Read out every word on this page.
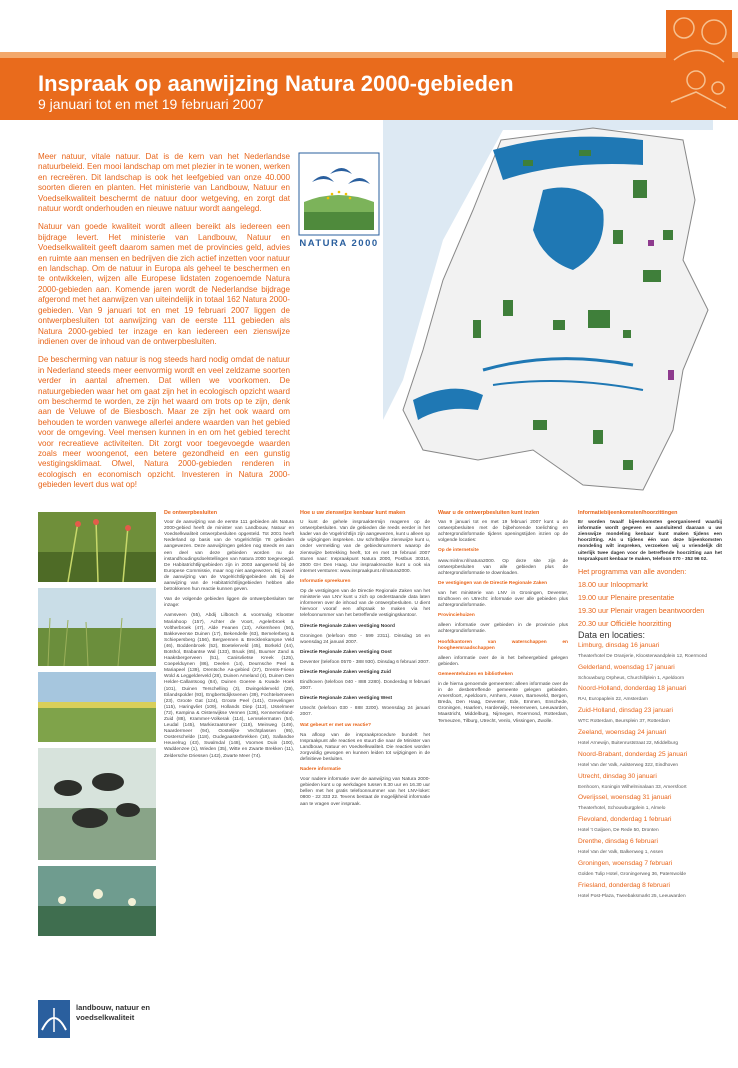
Inspraak op aanwijzing Natura 2000-gebieden
9 januari tot en met 19 februari 2007

Meer natuur, vitale natuur. Dat is de kern van het Nederlandse natuurbeleid. Een mooi landschap om met plezier in te wonen, werken en recreëren. Dit landschap is ook het leefgebied van onze 40.000 soorten dieren en planten. Het ministerie van Landbouw, Natuur en Voedselkwaliteit beschermt de natuur door wetgeving, en zorgt dat natuur wordt onderhouden en nieuwe natuur wordt aangelegd.

Natuur van goede kwaliteit wordt alleen bereikt als iedereen een bijdrage levert. Het ministerie van Landbouw, Natuur en Voedselkwaliteit geeft daarom samen met de provincies geld, advies en ruimte aan mensen en bedrijven die zich actief inzetten voor natuur en landschap. Om de natuur in Europa als geheel te beschermen en te ontwikkelen, wijzen alle Europese lidstaten zogenoemde Natura 2000-gebieden aan. Komende jaren wordt de Nederlandse bijdrage afgerond met het aanwijzen van uiteindelijk in totaal 162 Natura 2000-gebieden. Van 9 januari tot en met 19 februari 2007 liggen de ontwerpbesluiten tot aanwijzing van de eerste 111 gebieden als Natura 2000-gebied ter inzage en kan iedereen een zienswijze indienen over de inhoud van de ontwerpbesluiten.

De bescherming van natuur is nog steeds hard nodig omdat de natuur in Nederland steeds meer eenvormig wordt en veel zeldzame soorten verder in aantal afnemen. Dat willen we voorkomen. De natuurgebieden waar het om gaat zijn het in ecologisch opzicht waard om beschermd te worden, ze zijn het waard om trots op te zijn, denk aan de Veluwe of de Biesbosch. Maar ze zijn het ook waard om behouden te worden vanwege allerlei andere waarden van het gebied voor de omgeving. Veel mensen kunnen in en om het gebied terecht voor recreatieve activiteiten. Dit zorgt voor toegevoegde waarden zoals meer woongenot, een betere gezondheid en een gunstig vestigingsklimaat. Ofwel, Natura 2000-gebieden renderen in ecologisch en economisch opzicht. Investeren in Natura 2000-gebieden levert dus wat op!

NATURA 2000
De ontwerpbesluiten

Voor de aanwijzing van de eerste 111 gebieden als Natura 2000-gebied heeft de minister van Landbouw, Natuur en Voedselkwaliteit ontwerpbesluiten opgesteld. Tot 2001 heeft Nederland op basis van de Vogelrichtlijn 78 gebieden aangewezen. Deze aanwijzingen gelden nog steeds en aan een deel van deze gebieden worden nu de instandhoudingsdoelstellingen van Natura 2000 toegevoegd. De Habitatrichtlijngebieden zijn in 2003 aangemeld bij de Europese Commissie, maar nog niet aangewezen. Bij zowel de aanwijzing van de Vogelrichtlijngebieden als bij de aanwijzing van de Habitatrichtlijngebieden hebben alle betrokkenen hun reactie kunnen geven.

Van de volgende gebieden liggen de ontwerpbesluiten ter inzage:

Aamsveen (55), Abdij Lilbosch & voormalig Klooster Mariahoop (157), Achter de Voort, Agelerbroek & Voltherbroek (47), Alde Feanen (13), Arkemheen (56), Bakkeveense Duinen (17), Bekendelle (63), Bemelerberg & Schiepersberg (156), Bergvennen & Brecklenkampse Veld (46), Boddenbroek (52), Boetelerveld (45), Borkeld (44), Botshol, Brabantse Wal (133), Bruuk (65), Buurser Zand & Haaksbergerveen (51), Canisvlietse Kreek (125), Coepelduynen (86), Deelen (14), Deurnsche Peel & Mariapeel (139), Drentsche Aa-gebied (27), Drents-Friese Wold & Leggelderveld (28), Duinen Ameland (4), Duinen Den Helder-Callantsoog (84), Duinen Goeree & Kwade Hoek (101), Duinen Terschelling (3), Dwingelderveld (29), Eilandspolder (93), Engbertsdijksvenen (39), Fochteloërveen (23), Groote Gat (124), Groote Peel (141), Grevelingen (115), Haringvliet (109), Hollands Diep (112), IJsselmeer (72), Kampina & Oisterwijkse Vennen (136), Kennemerland-Zuid (88), Krammer-Volkerak (114), Lemselermaten (54), Leudal (145), Markiezaatsmeer (118), Meinweg (149), Naardermeer (94), Oostelijke Vechtplassen (95), Oosterschelde (118), Oudegaasterbrekken (18), Sallandse Heuvelrug (43), Swalmdal (148), Voornes Duin (100), Waddenzee (1), Wieden (35), Witte en Zwarte Brekken (11), Zeldersche Driessen (142), Zwarte Meer (74).

Hoe u uw zienswijze kenbaar kunt maken

U kunt de gehele inspraaktermijn reageren op de ontwerpbesluiten. Van de gebieden die reeds eerder in het kader van de Vogelrichtlijn zijn aangewezen, kunt u alleen op de wijzigingen inspreken. Uw schriftelijke zienswijze kunt u, onder vermelding van de gebiedsnummers waarop de zienswijze betrekking heeft, tot en met 19 februari 2007 sturen naar: Inspraakpunt Natura 2000, Postbus 30316, 2500 GH Den Haag. Uw inspraakreactie kunt u ook via internet versturen: www.inspraakpunt.nl/natura2000.

Informatie spreekuren

Op de vestigingen van de Directie Regionale Zaken van het ministerie van LNV kunt u zich op onderstaande data laten informeren over de inhoud van de ontwerpbesluiten. U dient hiervoor vooraf een afspraak te maken via het telefoonnummer van het betreffende vestigingskantoor.

Directie Regionale Zaken vestiging Noord

Groningen (telefoon 050 - 599 2311). Dinsdag 16 en woensdag 24 januari 2007.

Directie Regionale Zaken vestiging Oost

Deventer (telefoon 0570 - 388 930). Dinsdag 6 februari 2007.

Directie Regionale Zaken vestiging Zuid

Eindhoven (telefoon 040 - 888 2280). Donderdag 8 februari 2007.

Directie Regionale Zaken vestiging West

Utrecht (telefoon 030 - 888 3200). Woensdag 24 januari 2007.

Wat gebeurt er met uw reactie?

Na afloop van de inspraakprocedure bundelt het Inspraakpunt alle reacties en stuurt die naar de Minister van Landbouw, Natuur en Voedselkwaliteit. Die reacties worden zorgvuldig gewogen en kunnen leiden tot wijzigingen in de definitieve besluiten.

Nadere informatie

Voor nadere informatie over de aanwijzing van Natura 2000-gebieden kunt u op werkdagen tussen 8.30 uur en 16.30 uur bellen met het gratis telefoonnummer van het LNV-loket: 0800 - 22 333 22. Tevens bestaat de mogelijkheid informatie aan te vragen over inspraak.

Waar u de ontwerpbesluiten kunt inzien

Van 9 januari tot en met 19 februari 2007 kunt u de ontwerpbesluiten met de bijbehorende toelichting en achtergrondinformatie tijdens openingstijden inzien op de volgende locaties:

Op de internetsite

www.minlnv.nl/natura2000. Op deze site zijn de ontwerpbesluiten van alle gebieden plus de achtergrondinformatie te downloaden.

De vestigingen van de Directie Regionale Zaken

van het ministerie van LNV in Groningen, Deventer, Eindhoven en Utrecht: informatie over alle gebieden plus achtergrondinformatie.

Provinciehuizen

alleen informatie over gebieden in de provincie plus achtergrondinformatie.

Hoofdkantoren van waterschappen en hoogheemraadschappen

alleen informatie over de in het beheergebied gelegen gebieden.

Gemeentehuizen en bibliotheken

in de hierna genoemde gemeenten: alleen informatie over de in de desbetreffende gemeente gelegen gebieden. Amersfoort, Apeldoorn, Arnhem, Assen, Barneveld, Bergen, Breda, Den Haag, Deventer, Ede, Emmen, Enschede, Groningen, Haarlem, Harderwijk, Heerenveen, Leeuwarden, Maastricht, Middelburg, Nijmegen, Roermond, Rotterdam, Terneuzen, Tilburg, Utrecht, Venlo, Vlissingen, Zwolle.

Informatiebijeenkomsten/hoorzittingen

Er worden twaalf bijeenkomsten georganiseerd waarbij informatie wordt gegeven en aansluitend daaraan u uw zienswijze mondeling kenbaar kunt maken tijdens een hoorzitting. Als u tijdens één van deze bijeenkomsten mondeling wilt inspreken, verzoeken wij u vriendelijk dit uiterlijk twee dagen voor de betreffende hoorzitting aan het Inspraakpunt kenbaar te maken, telefoon 070 - 352 96 02.

Het programma van alle avonden:

18.00 uur Inloopmarkt

19.00 uur Plenaire presentatie

19.30 uur Plenair vragen beantwoorden

20.30 uur Officiële hoorzitting

Data en locaties:

Limburg, dinsdag 16 januari

Theaterhotel De Oranjerie, Kloosterwandplein 12, Roermond

Gelderland, woensdag 17 januari

Schouwburg Orpheus, Churchillplein 1, Apeldoorn

Noord-Holland, donderdag 18 januari

RAI, Europaplein 22, Amsterdam

Zuid-Holland, dinsdag 23 januari

WTC Rotterdam, Beursplein 37, Rotterdam

Zeeland, woensdag 24 januari

Hotel Arnewijn, Buitenruststraat 22, Middelburg

Noord-Brabant, donderdag 25 januari

Hotel Van der Valk, Aalsterweg 322, Eindhoven

Utrecht, dinsdag 30 januari

Eenhoorn, Koningin Wilhelminalaan 33, Amersfoort

Overijssel, woensdag 31 januari

Theaterhotel, Schouwburgplein 1, Almelo

Flevoland, donderdag 1 februari

Hotel 't Galjoen, De Rede 50, Dronten

Drenthe, dinsdag 6 februari

Hotel Van der Valk, Balkenweg 1, Assen

Groningen, woensdag 7 februari

Golden Tulip Hotel, Groningerweg 36, Paterswolde

Friesland, donderdag 8 februari

Hotel Post-Plaza, Tweebaksmarkt 25, Leeuwarden

landbouw, natuur en
voedselkwaliteit
